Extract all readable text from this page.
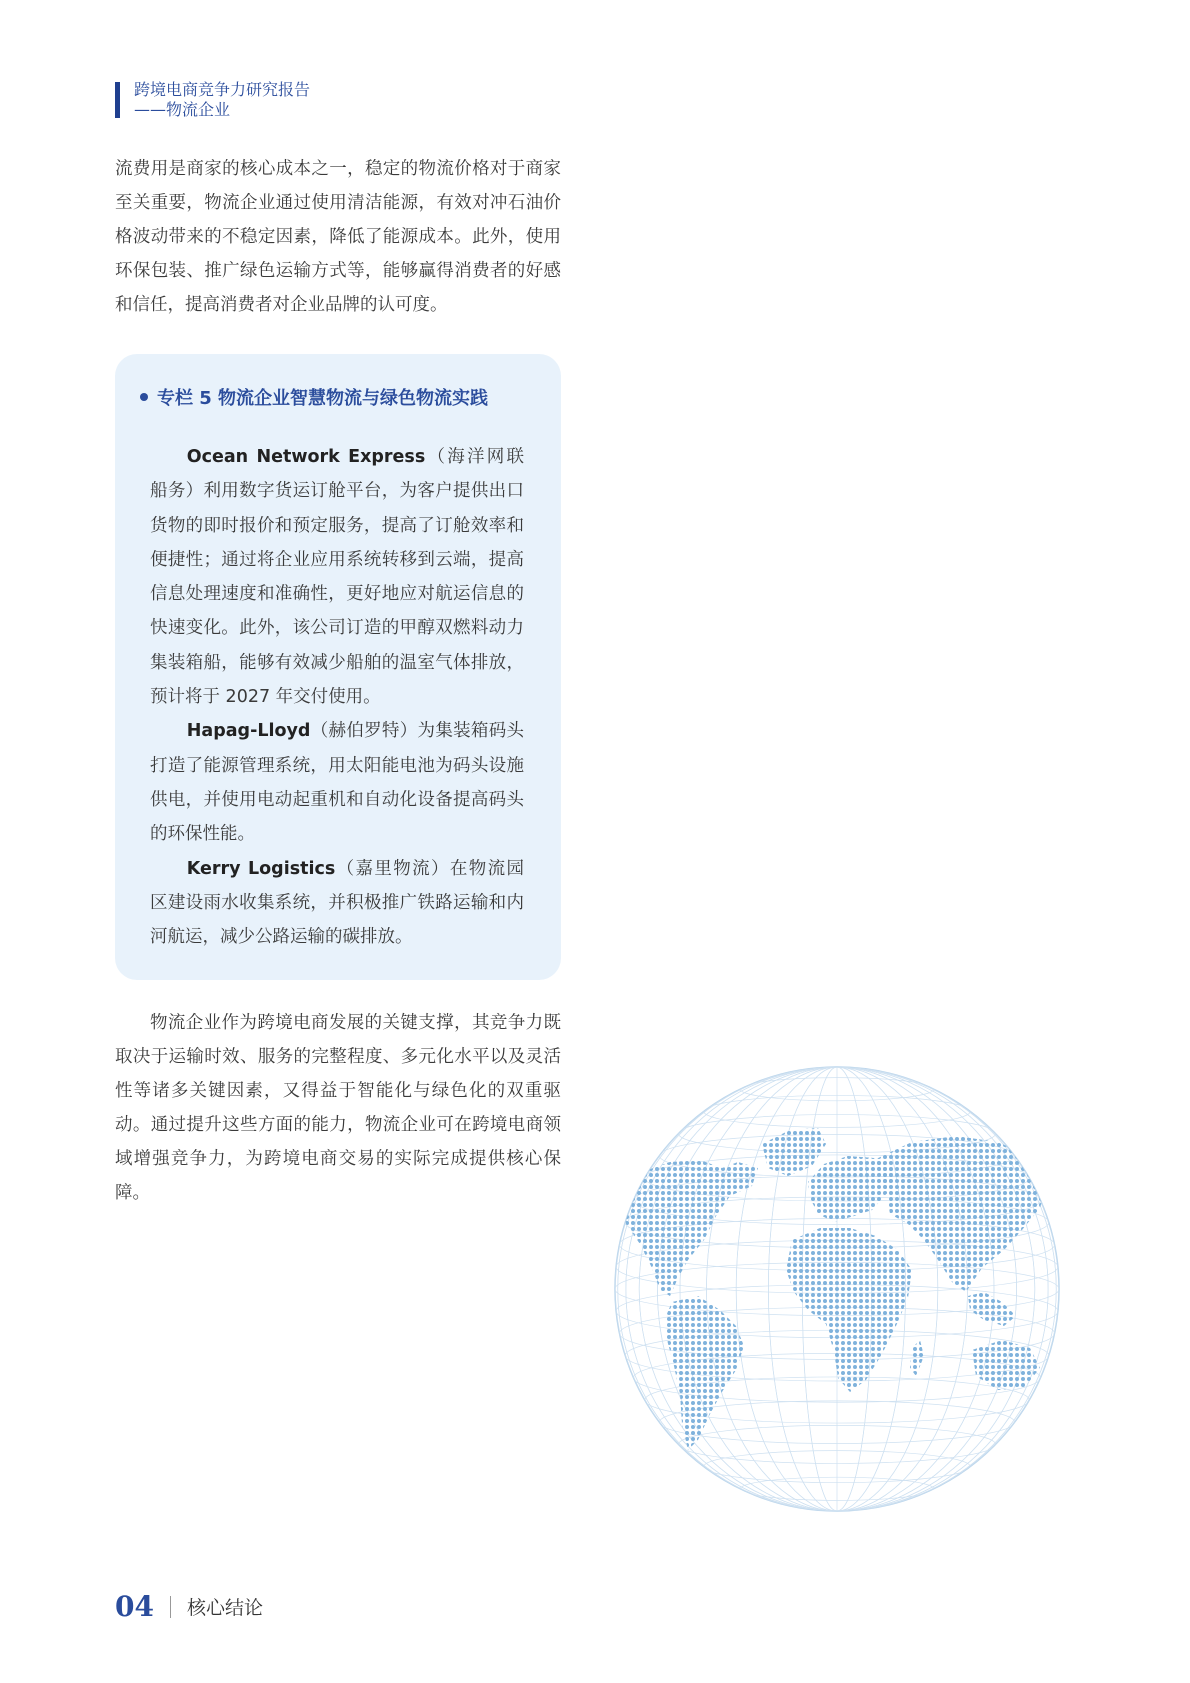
跨境电商竞争力研究报告
——物流企业

流费用是商家的核心成本之一，稳定的物流价格对于商家至关重要，物流企业通过使用清洁能源，有效对冲石油价格波动带来的不稳定因素，降低了能源成本。此外，使用环保包装、推广绿色运输方式等，能够赢得消费者的好感和信任，提高消费者对企业品牌的认可度。

专栏 5 物流企业智慧物流与绿色物流实践

Ocean Network Express（海洋网联船务）利用数字货运订舱平台，为客户提供出口货物的即时报价和预定服务，提高了订舱效率和便捷性；通过将企业应用系统转移到云端，提高信息处理速度和准确性，更好地应对航运信息的快速变化。此外，该公司订造的甲醇双燃料动力集装箱船，能够有效减少船舶的温室气体排放，预计将于 2027 年交付使用。

Hapag-Lloyd（赫伯罗特）为集装箱码头打造了能源管理系统，用太阳能电池为码头设施供电，并使用电动起重机和自动化设备提高码头的环保性能。

Kerry Logistics（嘉里物流）在物流园区建设雨水收集系统，并积极推广铁路运输和内河航运，减少公路运输的碳排放。

物流企业作为跨境电商发展的关键支撑，其竞争力既取决于运输时效、服务的完整程度、多元化水平以及灵活性等诸多关键因素，又得益于智能化与绿色化的双重驱动。通过提升这些方面的能力，物流企业可在跨境电商领域增强竞争力，为跨境电商交易的实际完成提供核心保障。

04 核心结论
